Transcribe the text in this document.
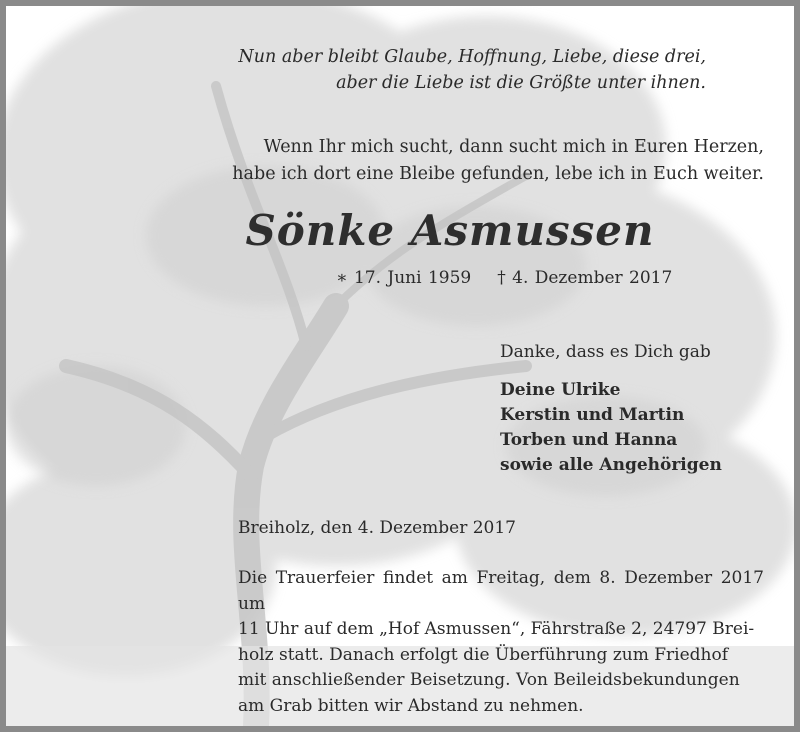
Nun aber bleibt Glaube, Hoffnung, Liebe, diese drei,
aber die Liebe ist die Größte unter ihnen.
Wenn Ihr mich sucht, dann sucht mich in Euren Herzen,
habe ich dort eine Bleibe gefunden, lebe ich in Euch weiter.
Sönke Asmussen
∗ 17. Juni 1959 † 4. Dezember 2017
Danke, dass es Dich gab
Deine Ulrike
Kerstin und Martin
Torben und Hanna
sowie alle Angehörigen
Breiholz, den 4. Dezember 2017
Die Trauerfeier findet am Freitag, dem 8. Dezember 2017 um
11 Uhr auf dem „Hof Asmussen“, Fährstraße 2, 24797 Brei-
holz statt. Danach erfolgt die Überführung zum Friedhof
mit anschließender Beisetzung. Von Beileidsbekundungen
am Grab bitten wir Abstand zu nehmen.
